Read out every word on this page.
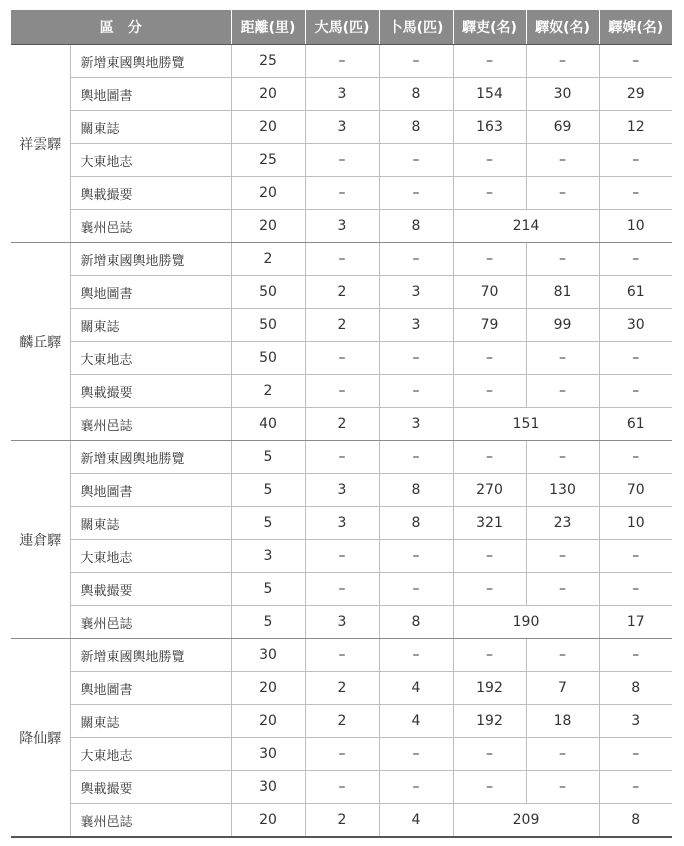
區　分		距離(里)	大馬(匹)	卜馬(匹)	驛吏(名)	驛奴(名)	驛婢(名)
祥雲驛	新增東國輿地勝覽	25	–	–	–	–	–
	輿地圖書	20	3	8	154	30	29
	關東誌	20	3	8	163	69	12
	大東地志	25	–	–	–	–	–
	輿載撮要	20	–	–	–	–	–
	襄州邑誌	20	3	8	214		10
麟丘驛	新增東國輿地勝覽	2	–	–	–	–	–
	輿地圖書	50	2	3	70	81	61
	關東誌	50	2	3	79	99	30
	大東地志	50	–	–	–	–	–
	輿載撮要	2	–	–	–	–	–
	襄州邑誌	40	2	3	151		61
連倉驛	新增東國輿地勝覽	5	–	–	–	–	–
	輿地圖書	5	3	8	270	130	70
	關東誌	5	3	8	321	23	10
	大東地志	3	–	–	–	–	–
	輿載撮要	5	–	–	–	–	–
	襄州邑誌	5	3	8	190		17
降仙驛	新增東國輿地勝覽	30	–	–	–	–	–
	輿地圖書	20	2	4	192	7	8
	關東誌	20	2	4	192	18	3
	大東地志	30	–	–	–	–	–
	輿載撮要	30	–	–	–	–	–
	襄州邑誌	20	2	4	209		8
